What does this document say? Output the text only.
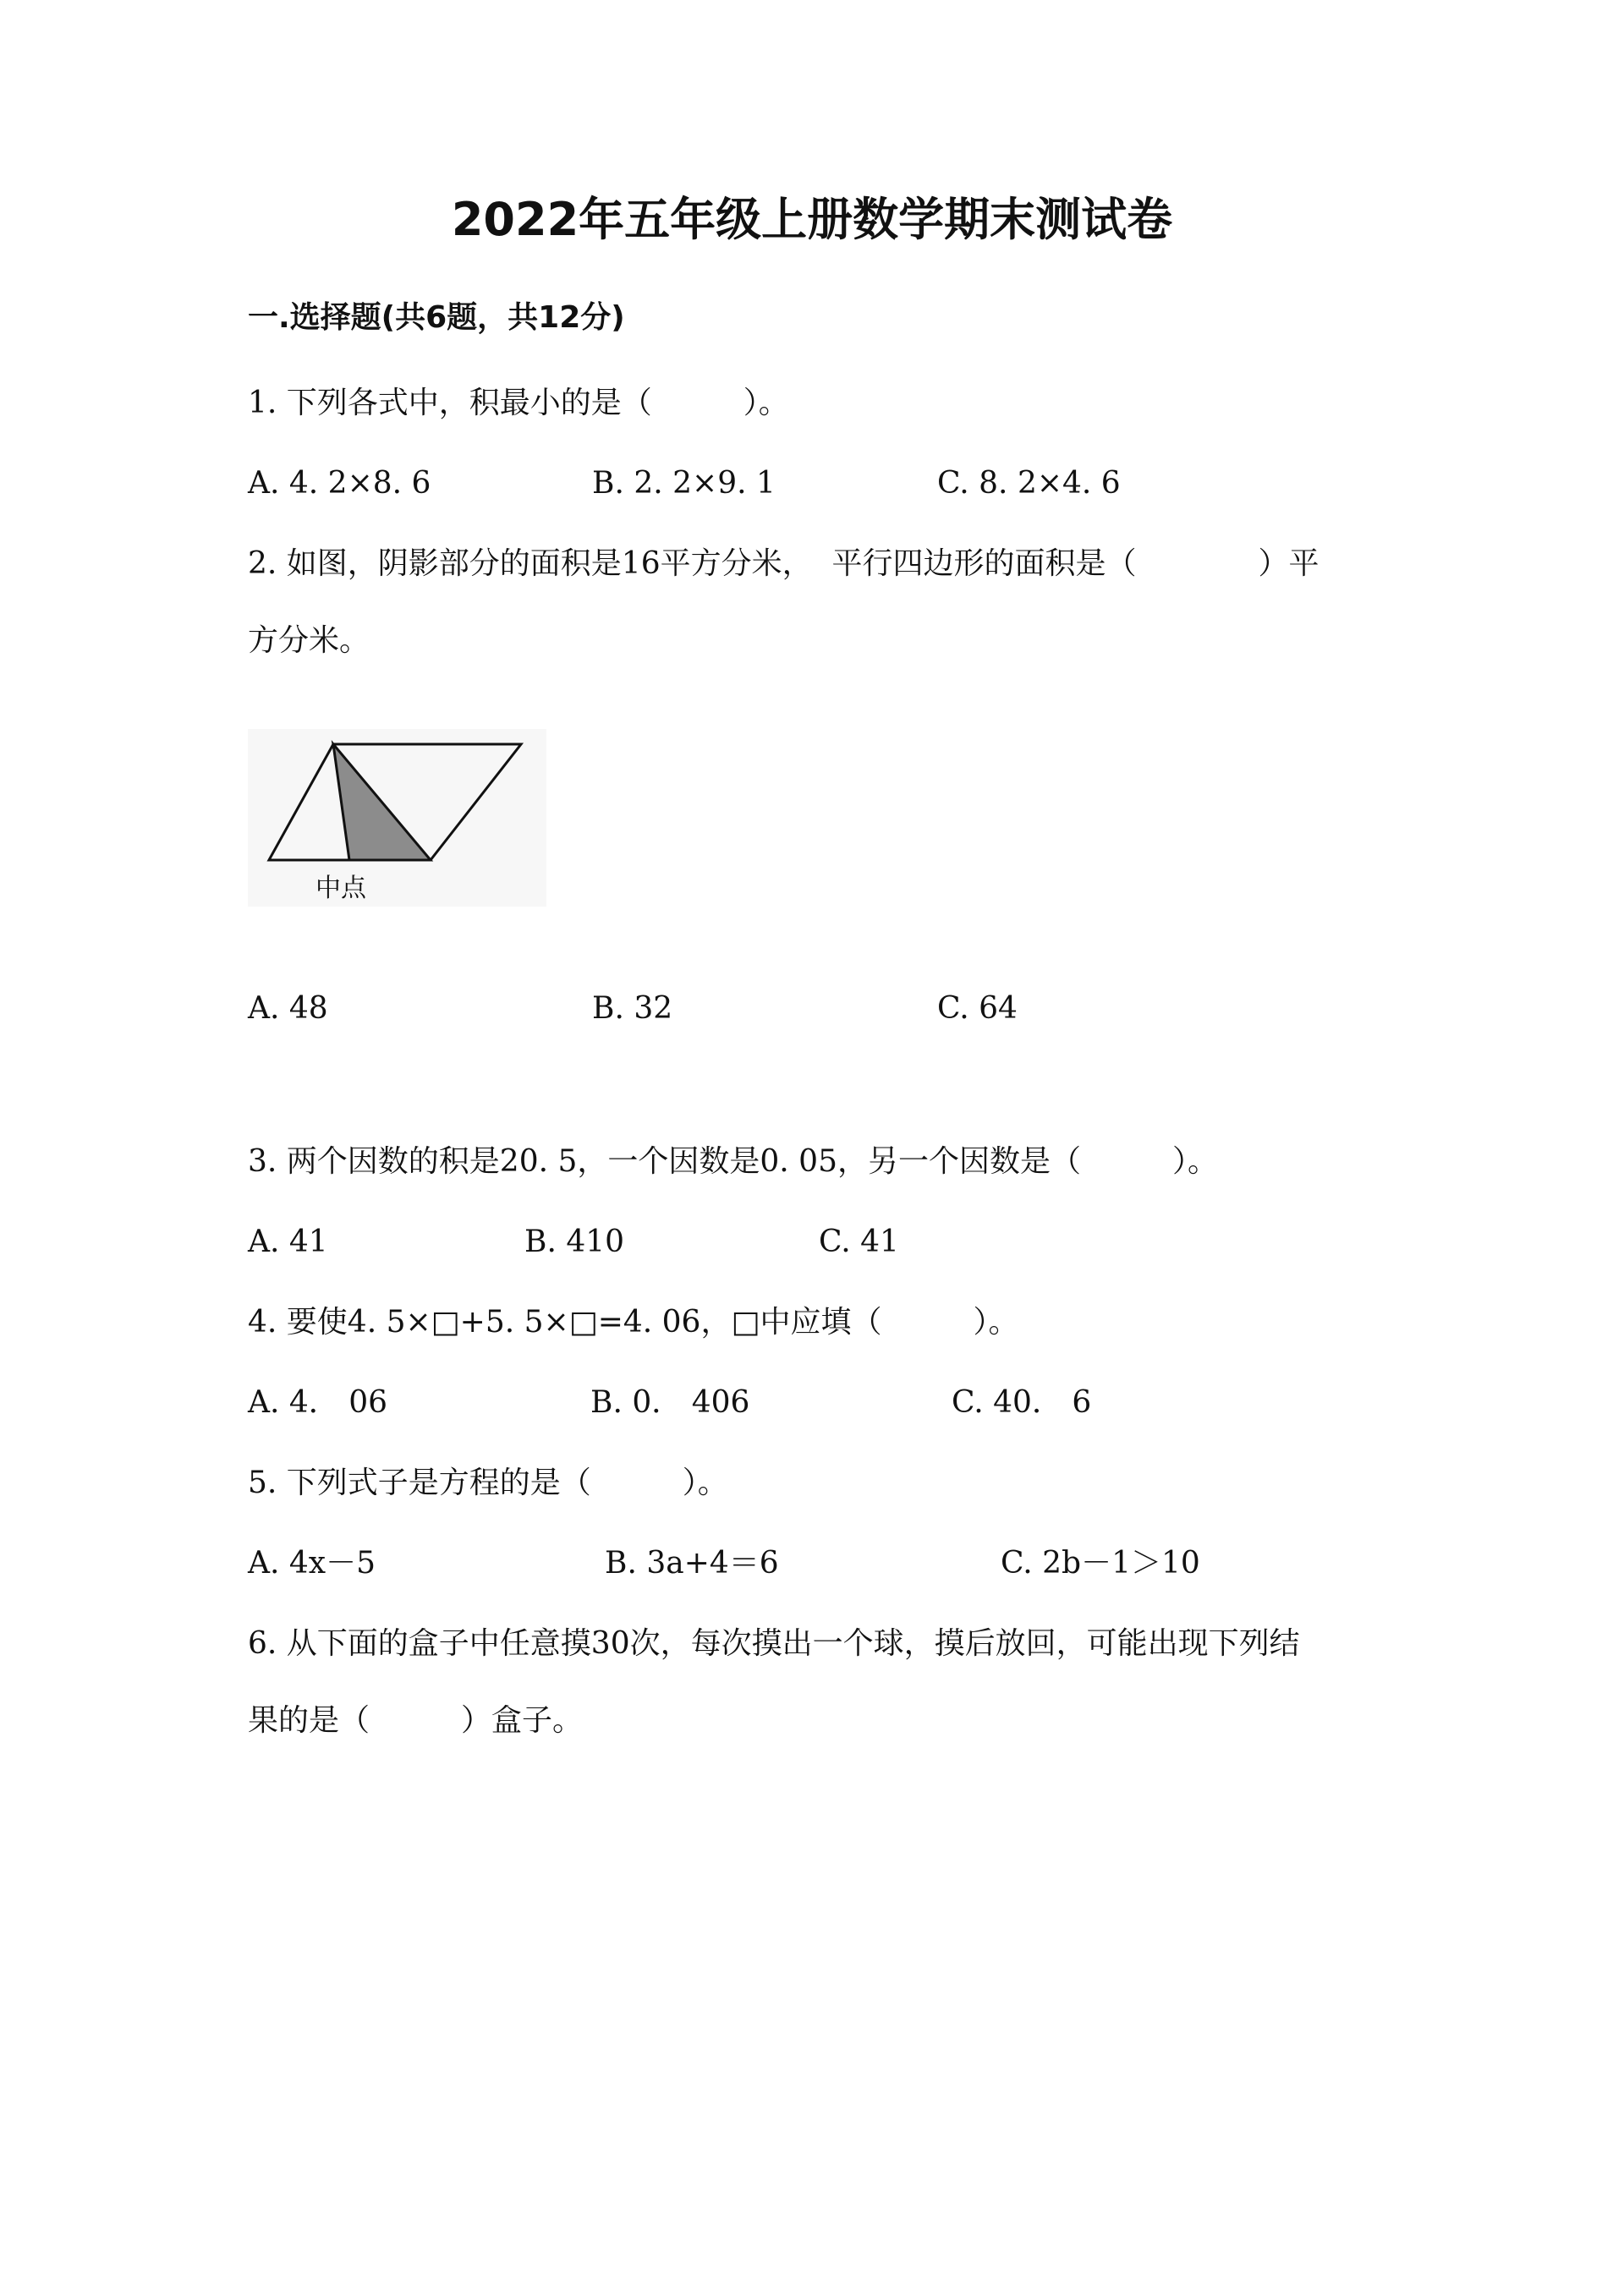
2022年五年级上册数学期末测试卷
一.选择题(共6题，共12分)
1. 下列各式中，积最小的是（　　　）。
A. 4. 2×8. 6	B. 2. 2×9. 1	C. 8. 2×4. 6
2. 如图，阴影部分的面积是16平方分米，  平行四边形的面积是（　　　　）平
方分米。
中点
A. 48	B. 32	C. 64
3. 两个因数的积是20. 5，一个因数是0. 05，另一个因数是（　　　）。
A. 41	B. 410	C. 41
4. 要使4. 5×□+5. 5×□=4. 06，□中应填（　　　）。
A. 4． 06	B. 0． 406	C. 40． 6
5. 下列式子是方程的是（　　　）。
A. 4x－5	B. 3a+4＝6	C. 2b－1＞10
6. 从下面的盒子中任意摸30次，每次摸出一个球，摸后放回，可能出现下列结
果的是（　　　）盒子。
